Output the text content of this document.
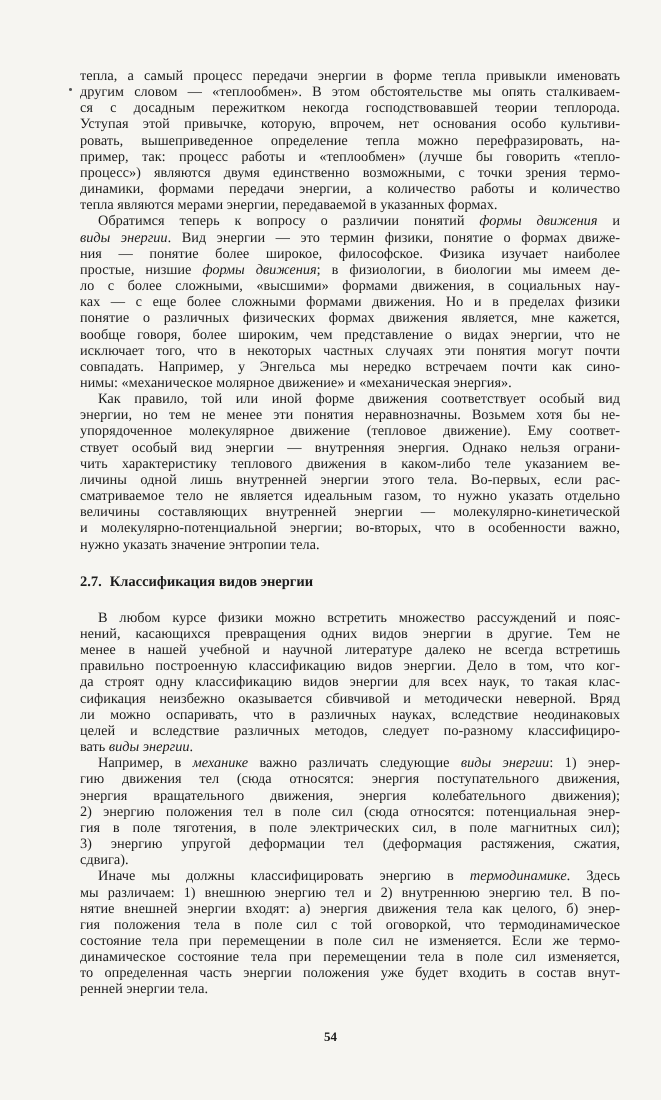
тепла, а самый процесс передачи энергии в форме тепла привыкли именовать
другим словом — «теплообмен». В этом обстоятельстве мы опять сталкиваем-
ся с досадным пережитком некогда господствовавшей теории теплорода.
Уступая этой привычке, которую, впрочем, нет основания особо культиви-
ровать, вышеприведенное определение тепла можно перефразировать, на-
пример, так: процесс работы и «теплообмен» (лучше бы говорить «тепло-
процесс») являются двумя единственно возможными, с точки зрения термо-
динамики, формами передачи энергии, а количество работы и количество
тепла являются мерами энергии, передаваемой в указанных формах.
Обратимся теперь к вопросу о различии понятий формы движения и
виды энергии. Вид энергии — это термин физики, понятие о формах движе-
ния — понятие более широкое, философское. Физика изучает наиболее
простые, низшие формы движения; в физиологии, в биологии мы имеем де-
ло с более сложными, «высшими» формами движения, в социальных нау-
ках — с еще более сложными формами движения. Но и в пределах физики
понятие о различных физических формах движения является, мне кажется,
вообще говоря, более широким, чем представление о видах энергии, что не
исключает того, что в некоторых частных случаях эти понятия могут почти
совпадать. Например, у Энгельса мы нередко встречаем почти как сино-
нимы: «механическое молярное движение» и «механическая энергия».
Как правило, той или иной форме движения соответствует особый вид
энергии, но тем не менее эти понятия неравнозначны. Возьмем хотя бы не-
упорядоченное молекулярное движение (тепловое движение). Ему соответ-
ствует особый вид энергии — внутренняя энергия. Однако нельзя ограни-
чить характеристику теплового движения в каком-либо теле указанием ве-
личины одной лишь внутренней энергии этого тела. Во-первых, если рас-
сматриваемое тело не является идеальным газом, то нужно указать отдельно
величины составляющих внутренней энергии — молекулярно-кинетической
и молекулярно-потенциальной энергии; во-вторых, что в особенности важно,
нужно указать значение энтропии тела.
2.7. Классификация видов энергии
В любом курсе физики можно встретить множество рассуждений и пояс-
нений, касающихся превращения одних видов энергии в другие. Тем не
менее в нашей учебной и научной литературе далеко не всегда встретишь
правильно построенную классификацию видов энергии. Дело в том, что ког-
да строят одну классификацию видов энергии для всех наук, то такая клас-
сификация неизбежно оказывается сбивчивой и методически неверной. Вряд
ли можно оспаривать, что в различных науках, вследствие неодинаковых
целей и вследствие различных методов, следует по-разному классифициро-
вать виды энергии.
Например, в механике важно различать следующие виды энергии: 1) энер-
гию движения тел (сюда относятся: энергия поступательного движения,
энергия вращательного движения, энергия колебательного движения);
2) энергию положения тел в поле сил (сюда относятся: потенциальная энер-
гия в поле тяготения, в поле электрических сил, в поле магнитных сил);
3) энергию упругой деформации тел (деформация растяжения, сжатия,
сдвига).
Иначе мы должны классифицировать энергию в термодинамике. Здесь
мы различаем: 1) внешнюю энергию тел и 2) внутреннюю энергию тел. В по-
нятие внешней энергии входят: а) энергия движения тела как целого, б) энер-
гия положения тела в поле сил с той оговоркой, что термодинамическое
состояние тела при перемещении в поле сил не изменяется. Если же термо-
динамическое состояние тела при перемещении тела в поле сил изменяется,
то определенная часть энергии положения уже будет входить в состав внут-
ренней энергии тела.
54
